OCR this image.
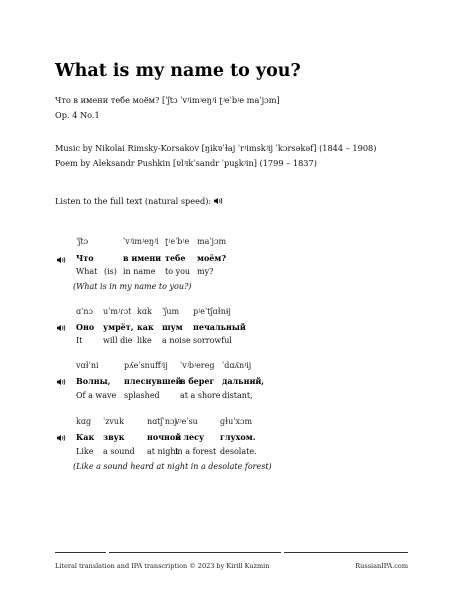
What is my name to you?
Что в имени тебе моём? [ˈʃtɔ ˈvʲimʲeŋʲi ʈʲeˈbʲe maˈjɔm]
Op. 4 No.1
Music by Nikolai Rimsky-Korsakov [ŋikɐˈɫaj ˈrʲimskʲij ˈkɔrsəkəf] (1844 – 1908)
Poem by Aleksandr Pushkin [ɐlʲɪkˈsandr ˈpuʂkʲin] (1799 – 1837)
Listen to the full text (natural speed):
ˈʃtɔ
Что
What (is)
ˈvʲimʲeŋʲi
в имени
in name
ʈʲeˈbʲe
тебе
to you
maˈjɔm
моём?
my?
(What is in my name to you?)
ɑˈnɔ
Оно
It
uˈmʲɾɔt
умрёт,
will die
kɑk
как
like
ˈʃum
шум
a noise
pʲeˈtʃɑɫnɨj
печальный
sorrowful
vɑɫˈni
Волны,
Of a wave
pʎeˈsnuffʲij
плеснувшей
splashed
ˈvʲbʲereg
в берег
at a shore
ˈdɑʎnʲij
дальний,
distant,
kɑg
Как
Like
ˈzvuk
звук
a sound
nɑtʃˈnɔj
ночной
at night
vʲeˈsu
в лесу
in a forest
ɡɫuˈxɔm
глухом.
desolate.
(Like a sound heard at night in a desolate forest)
Literal translation and IPA transcription © 2023 by Kirill Kuzmin	RussianIPA.com
